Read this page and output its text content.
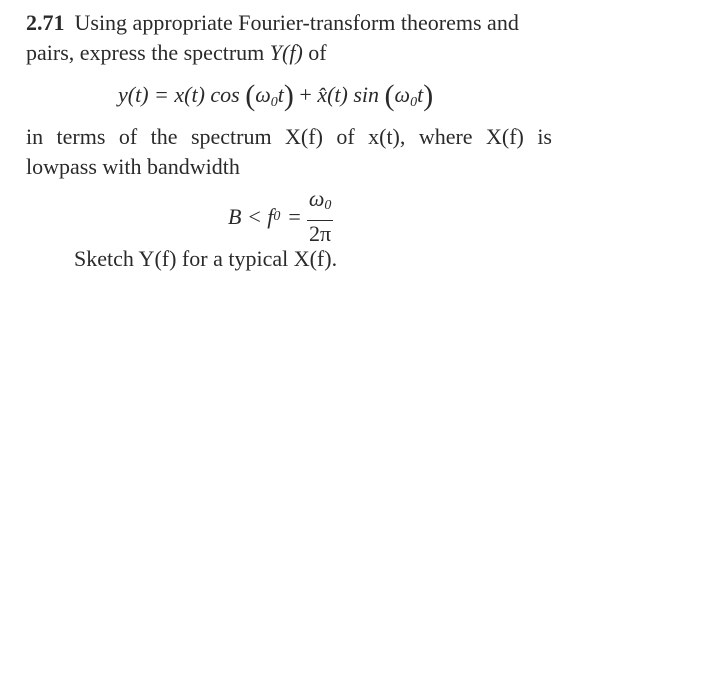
2.71 Using appropriate Fourier-transform theorems and
pairs, express the spectrum Y(f) of
y(t) = x(t) $\cos (\omega_0t)$ + x̂(t) $\sin (\omega_0t)$
in terms of the spectrum X(f) of x(t), where X(f) is
lowpass with bandwidth
B < f $0 = \frac{\omega_0}{2\pi}$
Sketch Y(f) for a typical X(f).
